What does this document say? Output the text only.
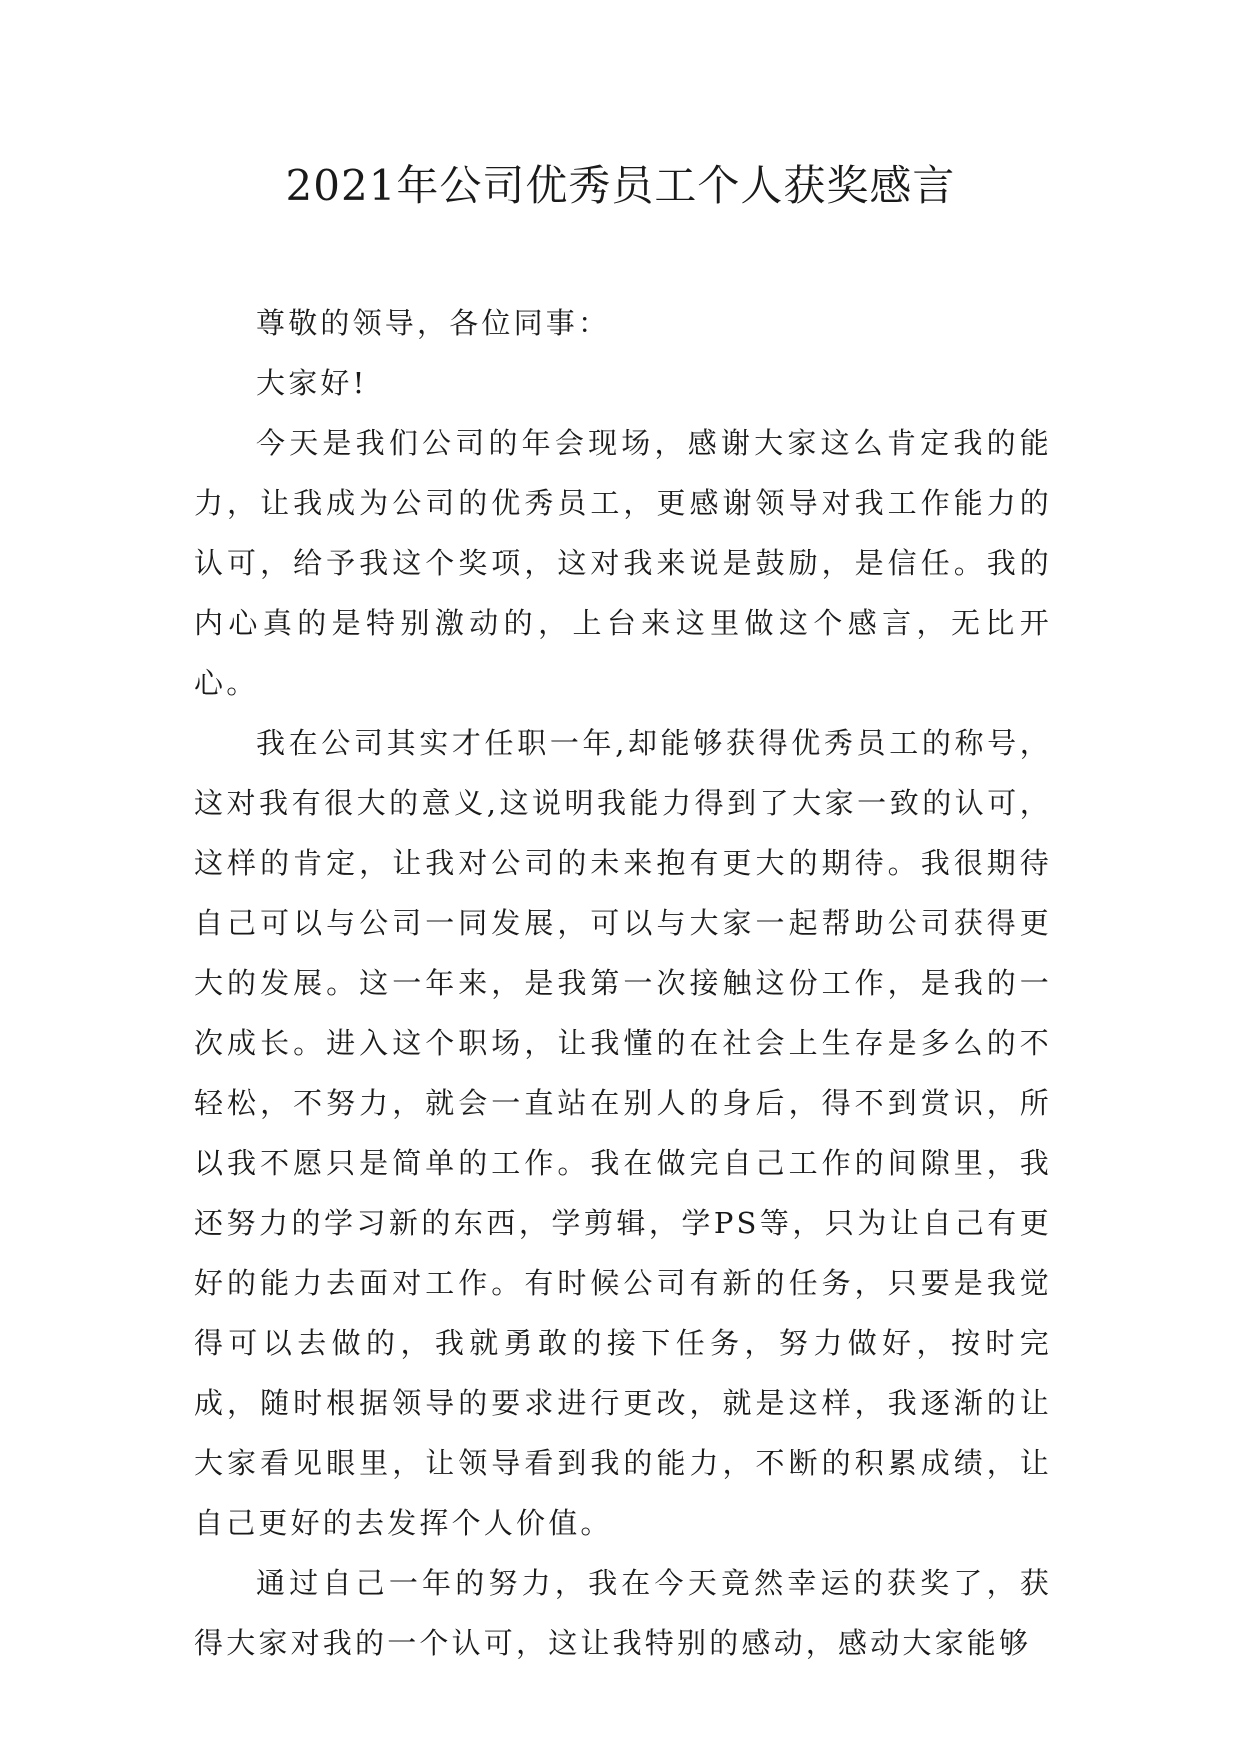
2021年公司优秀员工个人获奖感言

尊敬的领导，各位同事：

大家好!

今天是我们公司的年会现场，感谢大家这么肯定我的能力，让我成为公司的优秀员工，更感谢领导对我工作能力的认可，给予我这个奖项，这对我来说是鼓励，是信任。我的内心真的是特别激动的，上台来这里做这个感言，无比开心。

我在公司其实才任职一年,却能够获得优秀员工的称号，这对我有很大的意义,这说明我能力得到了大家一致的认可，这样的肯定，让我对公司的未来抱有更大的期待。我很期待自己可以与公司一同发展，可以与大家一起帮助公司获得更大的发展。这一年来，是我第一次接触这份工作，是我的一次成长。进入这个职场，让我懂的在社会上生存是多么的不轻松，不努力，就会一直站在别人的身后，得不到赏识，所以我不愿只是简单的工作。我在做完自己工作的间隙里，我还努力的学习新的东西，学剪辑，学PS等，只为让自己有更好的能力去面对工作。有时候公司有新的任务，只要是我觉得可以去做的，我就勇敢的接下任务，努力做好，按时完成，随时根据领导的要求进行更改，就是这样，我逐渐的让大家看见眼里，让领导看到我的能力，不断的积累成绩，让自己更好的去发挥个人价值。

通过自己一年的努力，我在今天竟然幸运的获奖了，获得大家对我的一个认可，这让我特别的感动，感动大家能够
